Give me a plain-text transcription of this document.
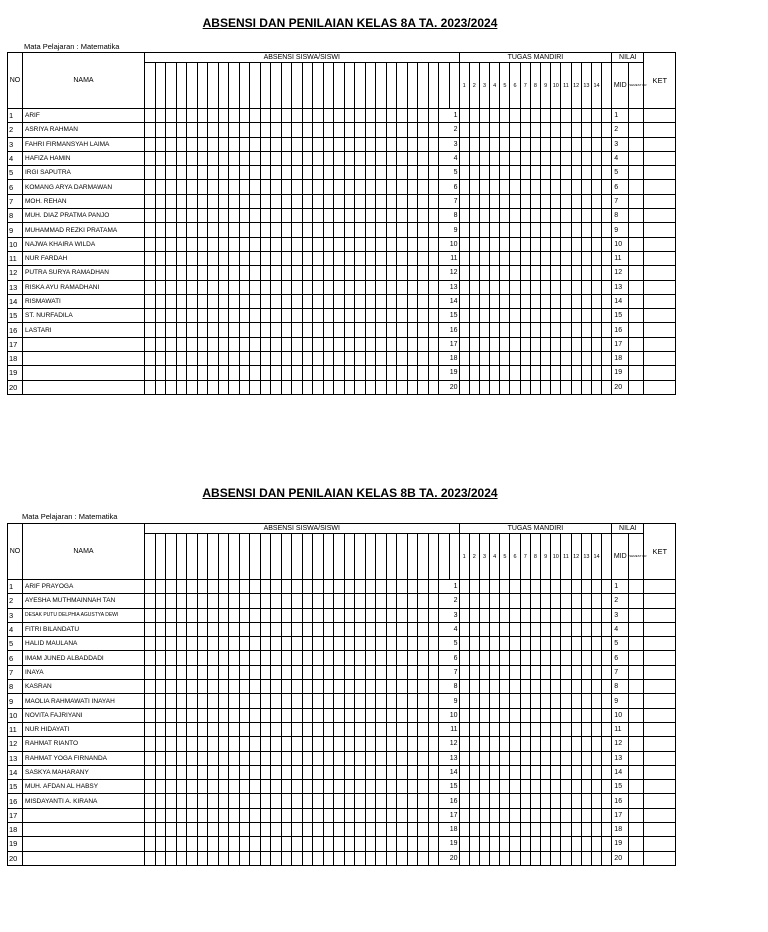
ABSENSI DAN PENILAIAN KELAS 8A TA. 2023/2024
Mata Pelajaran : Matematika
NO	NAMA	ABSENSI SISWA/SISWI																														TUGAS MANDIRI															NILAI		KET
																																1	2	3	4	5	6	7	8	9	10	11	12	13	14		MID	SEMEST ER	
1	ARIF																													1																	1		
2	ASRIYA RAHMAN																													2																	2		
3	FAHRI FIRMANSYAH LAIMA																													3																	3		
4	HAFIZA HAMIN																													4																	4		
5	IRGI SAPUTRA																													5																	5		
6	KOMANG ARYA DARMAWAN																													6																	6		
7	MOH. REHAN																													7																	7		
8	MUH. DIAZ PRATMA PANJO																													8																	8		
9	MUHAMMAD REZKI PRATAMA																													9																	9		
10	NAJWA KHAIRA WILDA																													10																	10		
11	NUR FARDAH																													11																	11		
12	PUTRA SURYA RAMADHAN																													12																	12		
13	RISKA AYU RAMADHANI																													13																	13		
14	RISMAWATI																													14																	14		
15	ST. NURFADILA																													15																	15		
16	LASTARI																													16																	16		
17																														17																	17		
18																														18																	18		
19																														19																	19		
20																														20																	20		
ABSENSI DAN PENILAIAN KELAS 8B TA. 2023/2024
Mata Pelajaran : Matematika
NO	NAMA	ABSENSI SISWA/SISWI																														TUGAS MANDIRI															NILAI		KET
																																1	2	3	4	5	6	7	8	9	10	11	12	13	14		MID	SEMEST ER	
1	ARIF PRAYOGA																													1																	1		
2	AYESHA MUTHMAINNAH TAN																													2																	2		
3	DESAK PUTU DELPHIA AGUSTYA DEWI																													3																	3		
4	FITRI BILANDATU																													4																	4		
5	HALID MAULANA																													5																	5		
6	IMAM JUNED ALBADDADI																													6																	6		
7	INAYA																													7																	7		
8	KASRAN																													8																	8		
9	MAOLIA RAHMAWATI INAYAH																													9																	9		
10	NOVITA FAJRIYANI																													10																	10		
11	NUR HIDAYATI																													11																	11		
12	RAHMAT RIANTO																													12																	12		
13	RAHMAT YOGA FIRNANDA																													13																	13		
14	SASKYA MAHARANY																													14																	14		
15	MUH. AFDAN AL HABSY																													15																	15		
16	MISDAYANTI A. KIRANA																													16																	16		
17																														17																	17		
18																														18																	18		
19																														19																	19		
20																														20																	20		
